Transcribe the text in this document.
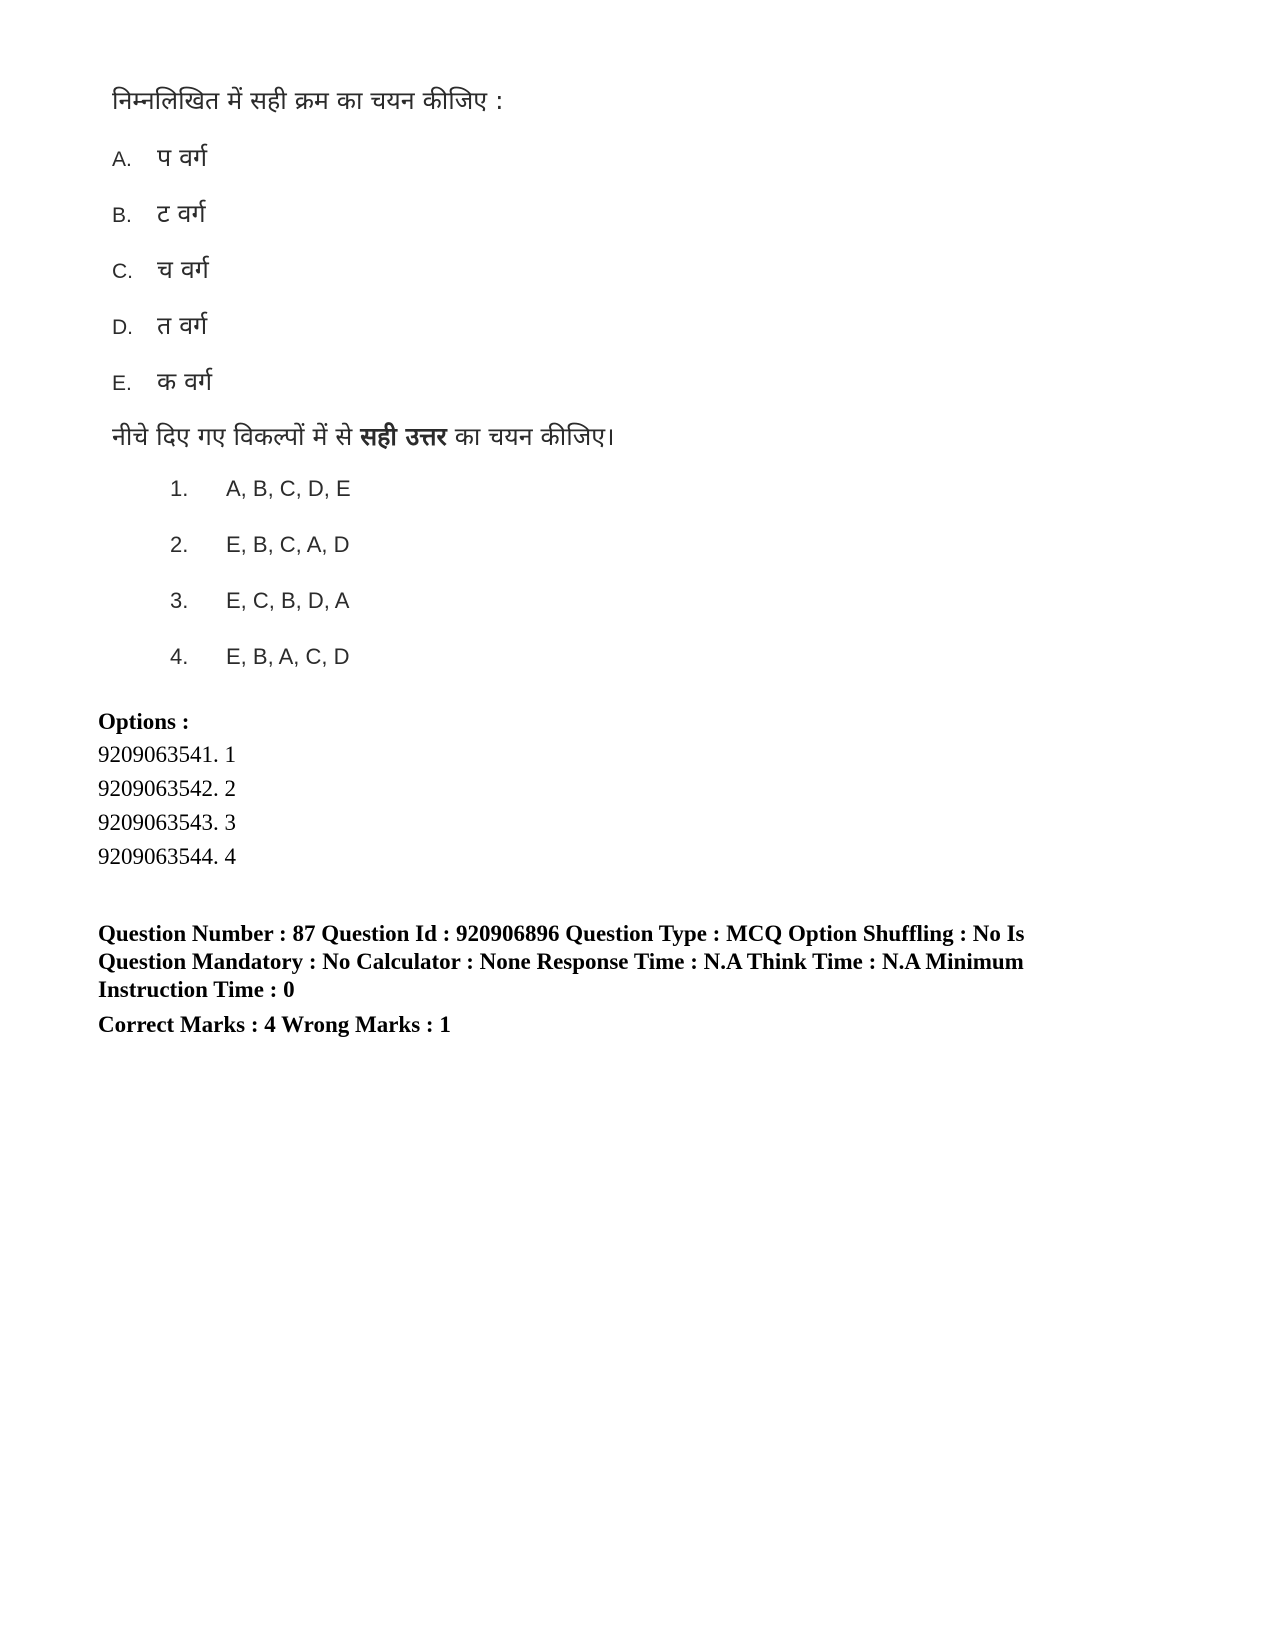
निम्नलिखित में सही क्रम का चयन कीजिए :

A.	प वर्ग
B.	ट वर्ग
C. च वर्ग
D. त वर्ग
E.	क वर्ग
नीचे दिए गए विकल्पों में से सही उत्तर का चयन कीजिए।
1.	A, B, C, D, E
2.	E, B, C, A, D
3.	E, C, B, D, A
4.	E, B, A, C, D
Options :
9209063541. 1
9209063542. 2
9209063543. 3
9209063544. 4
Question Number : 87 Question Id : 920906896 Question Type : MCQ Option Shuffling : No Is Question Mandatory : No Calculator : None Response Time : N.A Think Time : N.A Minimum Instruction Time : 0
Correct Marks : 4 Wrong Marks : 1
